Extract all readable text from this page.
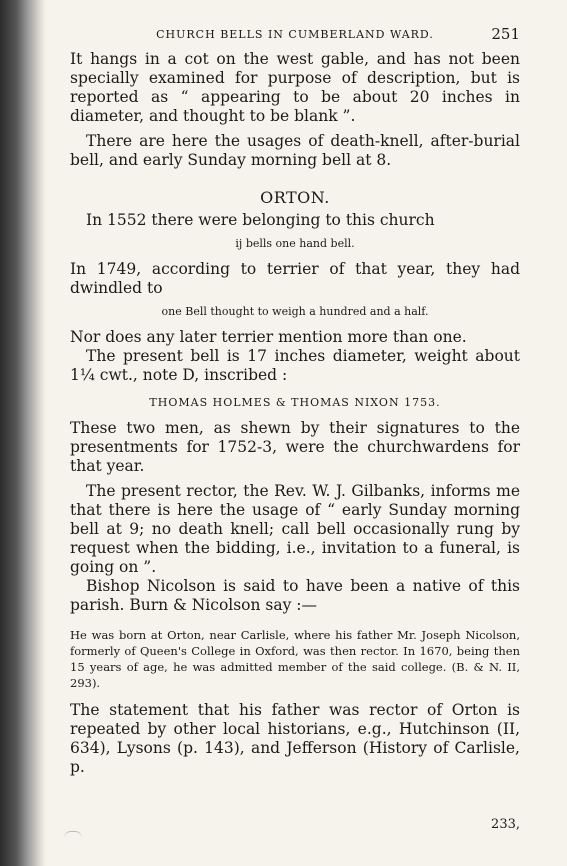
CHURCH BELLS IN CUMBERLAND WARD.	251

It hangs in a cot on the west gable, and has not been specially examined for purpose of description, but is reported as “ appearing to be about 20 inches in diameter, and thought to be blank ”.

There are here the usages of death-knell, after-burial bell, and early Sunday morning bell at 8.

ORTON.

In 1552 there were belonging to this church

ij bells one hand bell.

In 1749, according to terrier of that year, they had dwindled to

one Bell thought to weigh a hundred and a half.

Nor does any later terrier mention more than one.

The present bell is 17 inches diameter, weight about 1¼ cwt., note D, inscribed :

THOMAS HOLMES & THOMAS NIXON 1753.

These two men, as shewn by their signatures to the presentments for 1752-3, were the churchwardens for that year.

The present rector, the Rev. W. J. Gilbanks, informs me that there is here the usage of “ early Sunday morning bell at 9; no death knell; call bell occasionally rung by request when the bidding, i.e., invitation to a funeral, is going on ”.

Bishop Nicolson is said to have been a native of this parish. Burn & Nicolson say :—

He was born at Orton, near Carlisle, where his father Mr. Joseph Nicolson, formerly of Queen's College in Oxford, was then rector. In 1670, being then 15 years of age, he was admitted member of the said college. (B. & N. II, 293).

The statement that his father was rector of Orton is repeated by other local historians, e.g., Hutchinson (II, 634), Lysons (p. 143), and Jefferson (History of Carlisle, p.

233,
